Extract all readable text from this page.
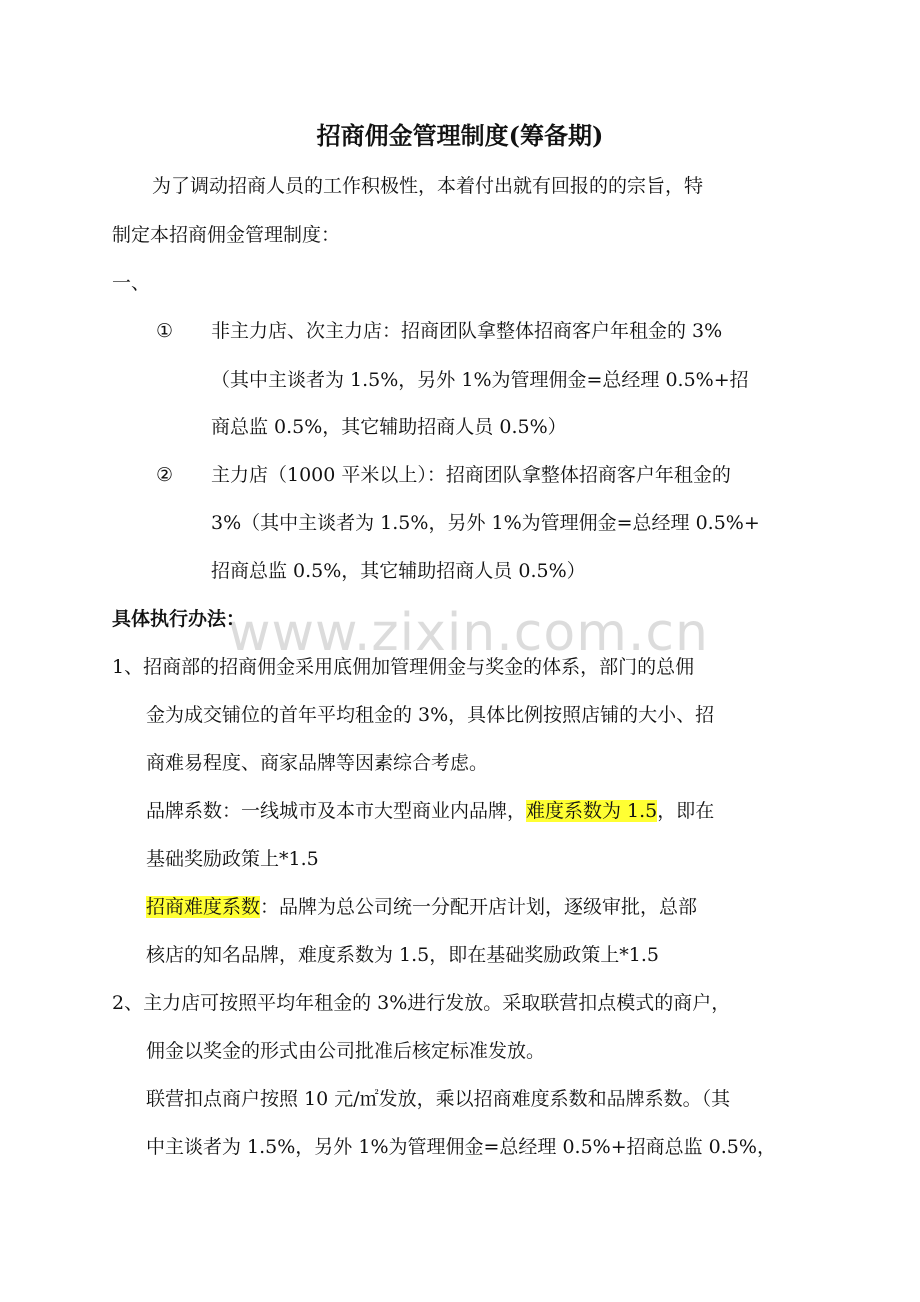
www.zixin.com.cn
招商佣金管理制度(筹备期)
为了调动招商人员的工作积极性，本着付出就有回报的的宗旨，特
制定本招商佣金管理制度：
一、
① 非主力店、次主力店：招商团队拿整体招商客户年租金的 3%
（其中主谈者为 1.5%，另外 1%为管理佣金=总经理 0.5%+招
商总监 0.5%，其它辅助招商人员 0.5%）
② 主力店（1000 平米以上）：招商团队拿整体招商客户年租金的
3%（其中主谈者为 1.5%，另外 1%为管理佣金=总经理 0.5%+
招商总监 0.5%，其它辅助招商人员 0.5%）
具体执行办法：
1、招商部的招商佣金采用底佣加管理佣金与奖金的体系，部门的总佣
金为成交铺位的首年平均租金的 3%，具体比例按照店铺的大小、招
商难易程度、商家品牌等因素综合考虑。
品牌系数：一线城市及本市大型商业内品牌，难度系数为 1.5，即在
基础奖励政策上*1.5
招商难度系数：品牌为总公司统一分配开店计划，逐级审批，总部
核店的知名品牌，难度系数为 1.5，即在基础奖励政策上*1.5
2、主力店可按照平均年租金的 3%进行发放。采取联营扣点模式的商户，
佣金以奖金的形式由公司批准后核定标准发放。
联营扣点商户按照 10 元/㎡发放，乘以招商难度系数和品牌系数。（其
中主谈者为 1.5%，另外 1%为管理佣金=总经理 0.5%+招商总监 0.5%，
